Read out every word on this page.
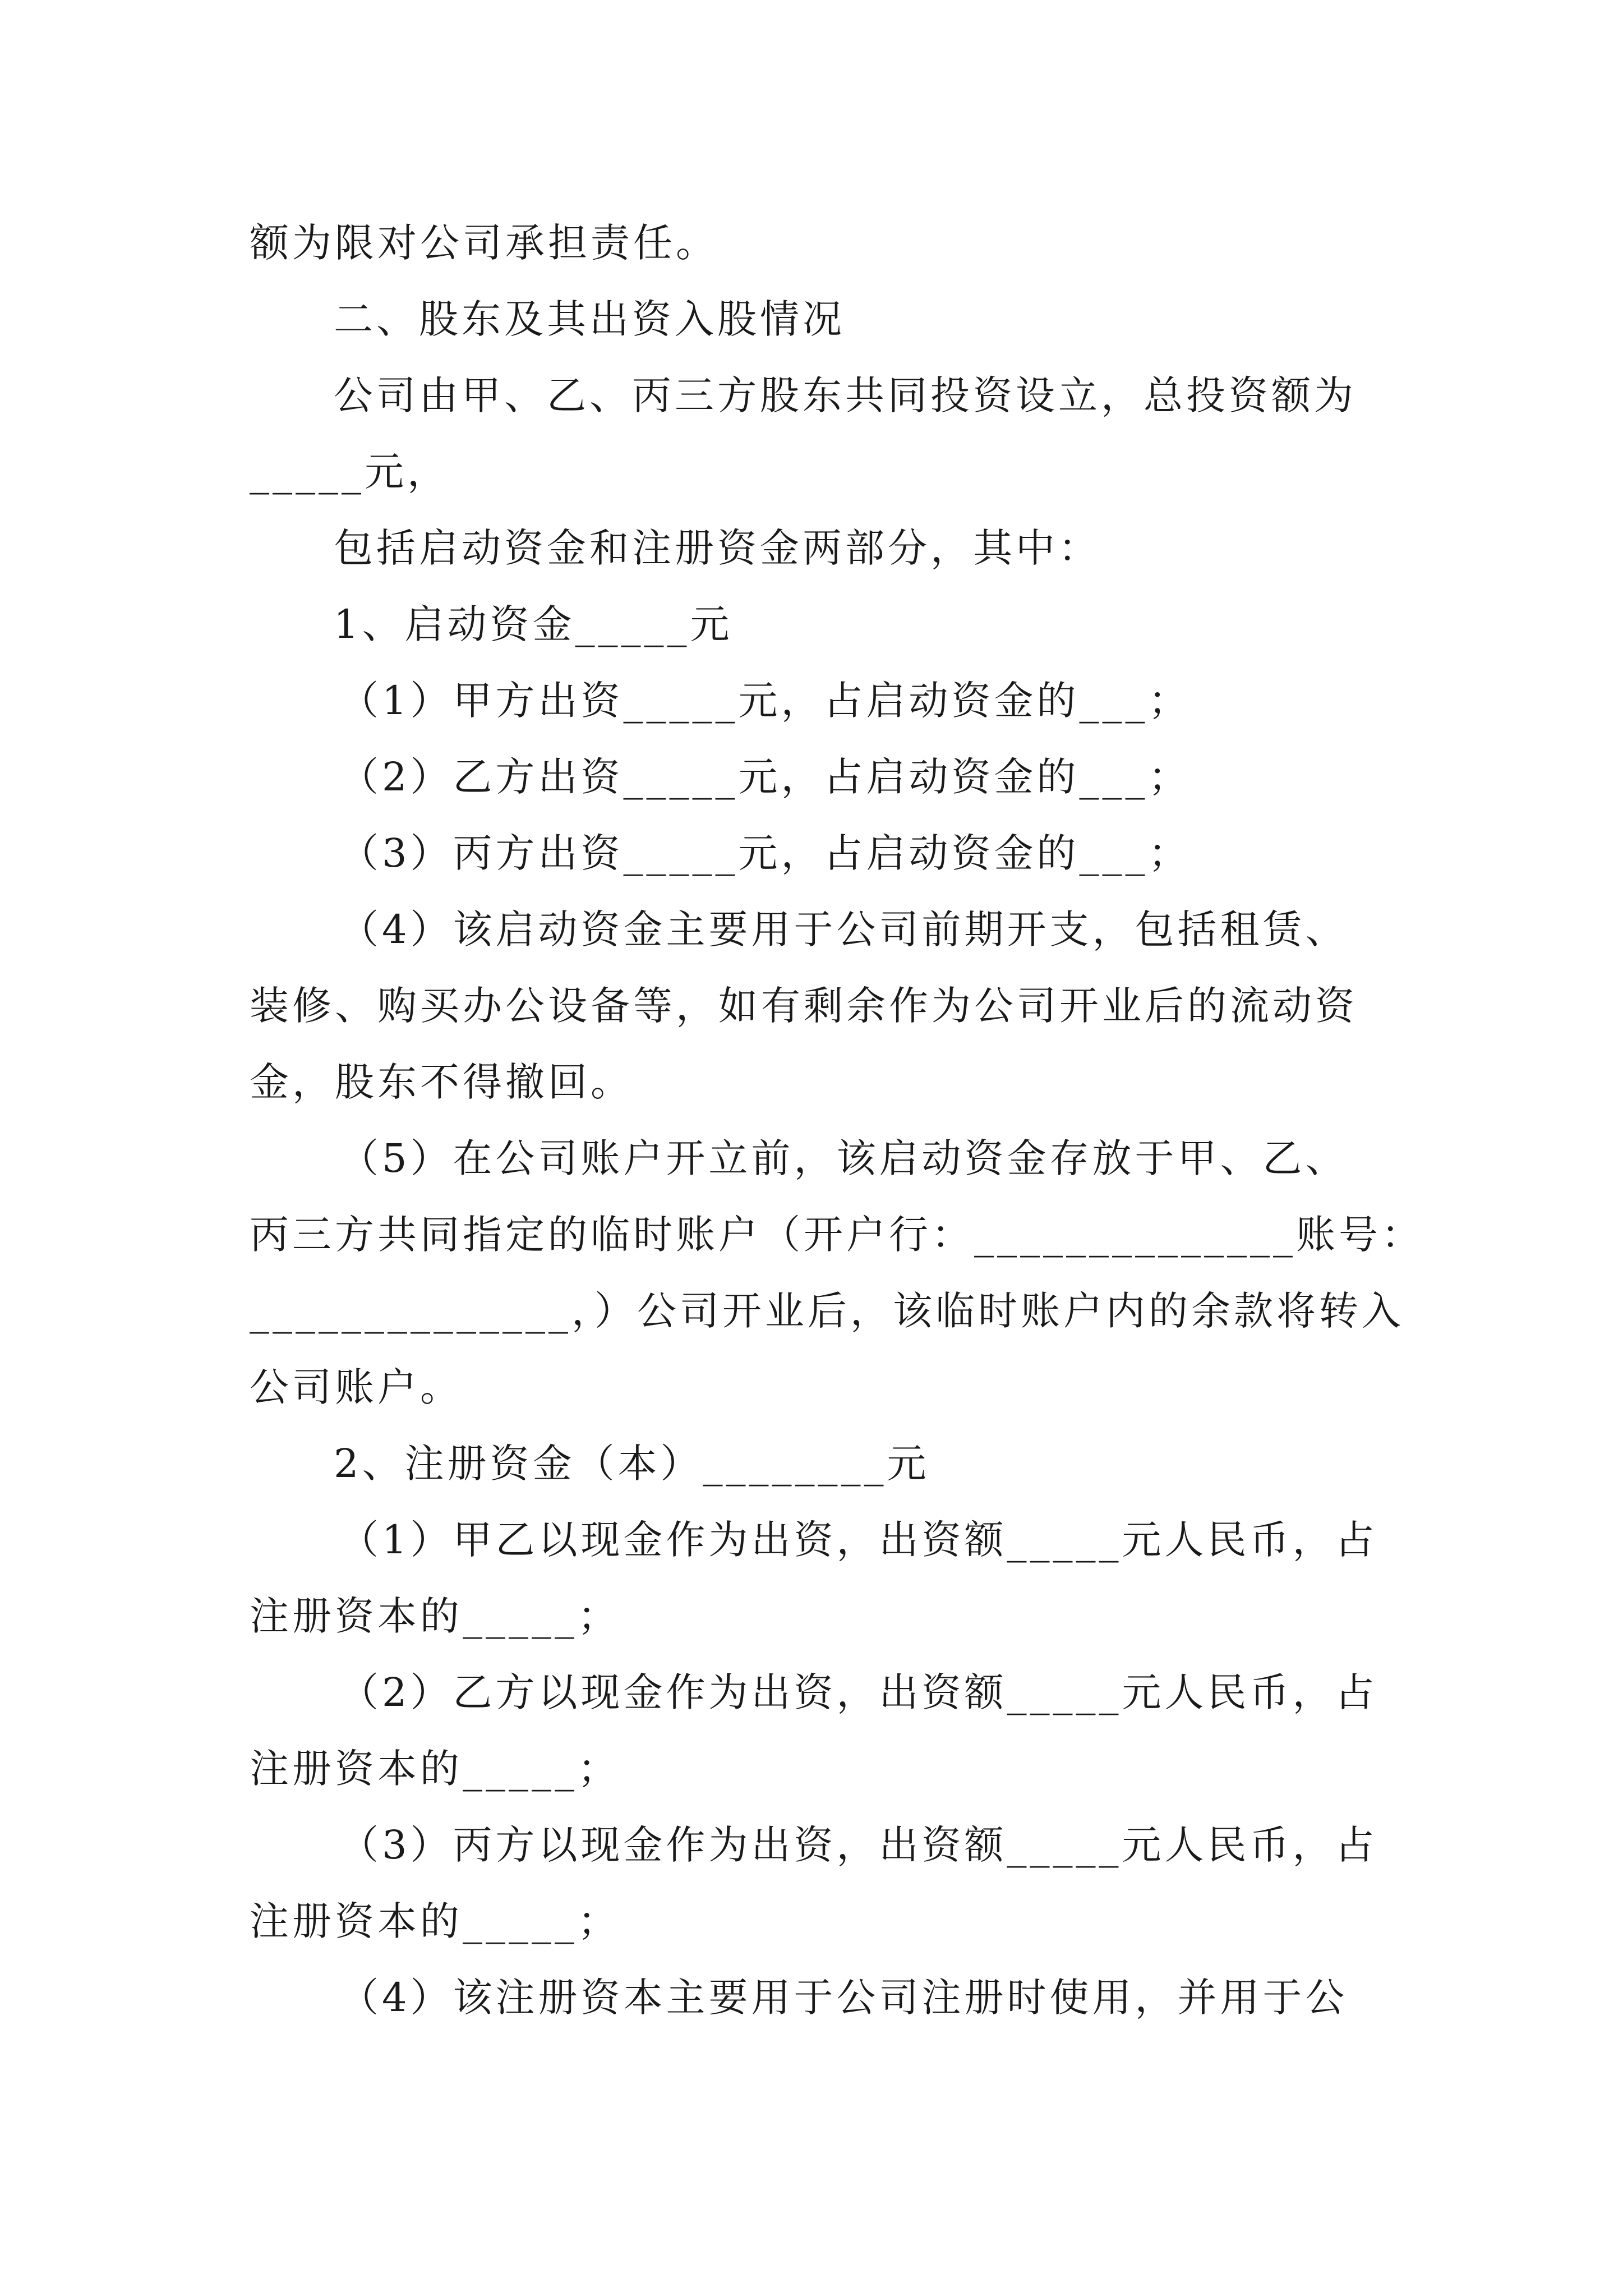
额为限对公司承担责任。
二、股东及其出资入股情况
公司由甲、乙、丙三方股东共同投资设立，总投资额为
_____元，
包括启动资金和注册资金两部分，其中：
1、启动资金_____元
（1）甲方出资_____元，占启动资金的___；
（2）乙方出资_____元，占启动资金的___；
（3）丙方出资_____元，占启动资金的___；
（4）该启动资金主要用于公司前期开支，包括租赁、
装修、购买办公设备等，如有剩余作为公司开业后的流动资
金，股东不得撤回。
（5）在公司账户开立前，该启动资金存放于甲、乙、
丙三方共同指定的临时账户（开户行：______________账号：
______________，）公司开业后，该临时账户内的余款将转入
公司账户。
2、注册资金（本）________元
（1）甲乙以现金作为出资，出资额_____元人民币，占
注册资本的_____；
（2）乙方以现金作为出资，出资额_____元人民币，占
注册资本的_____；
（3）丙方以现金作为出资，出资额_____元人民币，占
注册资本的_____；
（4）该注册资本主要用于公司注册时使用，并用于公
